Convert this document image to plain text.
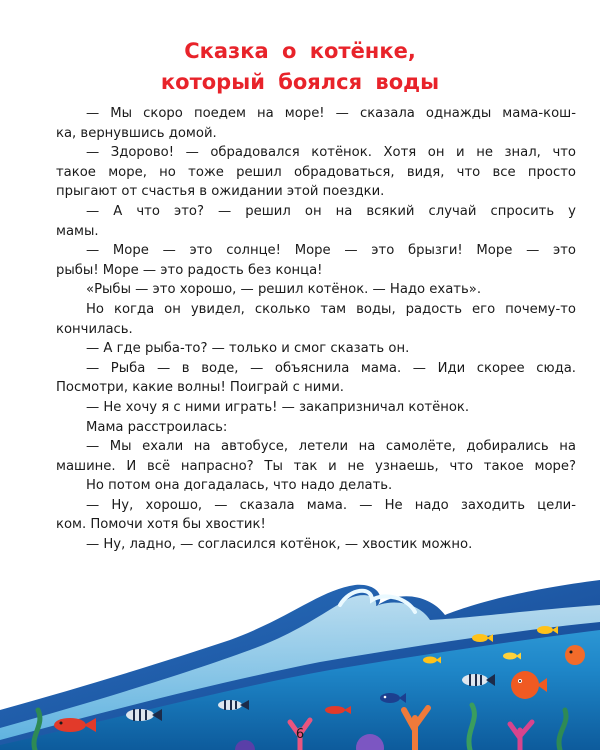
Сказка о котёнке,
который боялся воды
— Мы скоро поедем на море! — сказала однажды мама-кош-
ка, вернувшись домой.
— Здорово! — обрадовался котёнок. Хотя он и не знал, что
такое море, но тоже решил обрадоваться, видя, что все просто
прыгают от счастья в ожидании этой поездки.
— А что это? — решил он на всякий случай спросить у
мамы.
— Море — это солнце! Море — это брызги! Море — это
рыбы! Море — это радость без конца!
«Рыбы — это хорошо, — решил котёнок. — Надо ехать».
Но когда он увидел, сколько там воды, радость его почему-то
кончилась.
— А где рыба-то? — только и смог сказать он.
— Рыба — в воде, — объяснила мама. — Иди скорее сюда.
Посмотри, какие волны! Поиграй с ними.
— Не хочу я с ними играть! — закапризничал котёнок.
Мама расстроилась:
— Мы ехали на автобусе, летели на самолёте, добирались на
машине. И всё напрасно? Ты так и не узнаешь, что такое море?
Но потом она догадалась, что надо делать.
— Ну, хорошо, — сказала мама. — Не надо заходить цели-
ком. Помочи хотя бы хвостик!
— Ну, ладно, — согласился котёнок, — хвостик можно.
6
